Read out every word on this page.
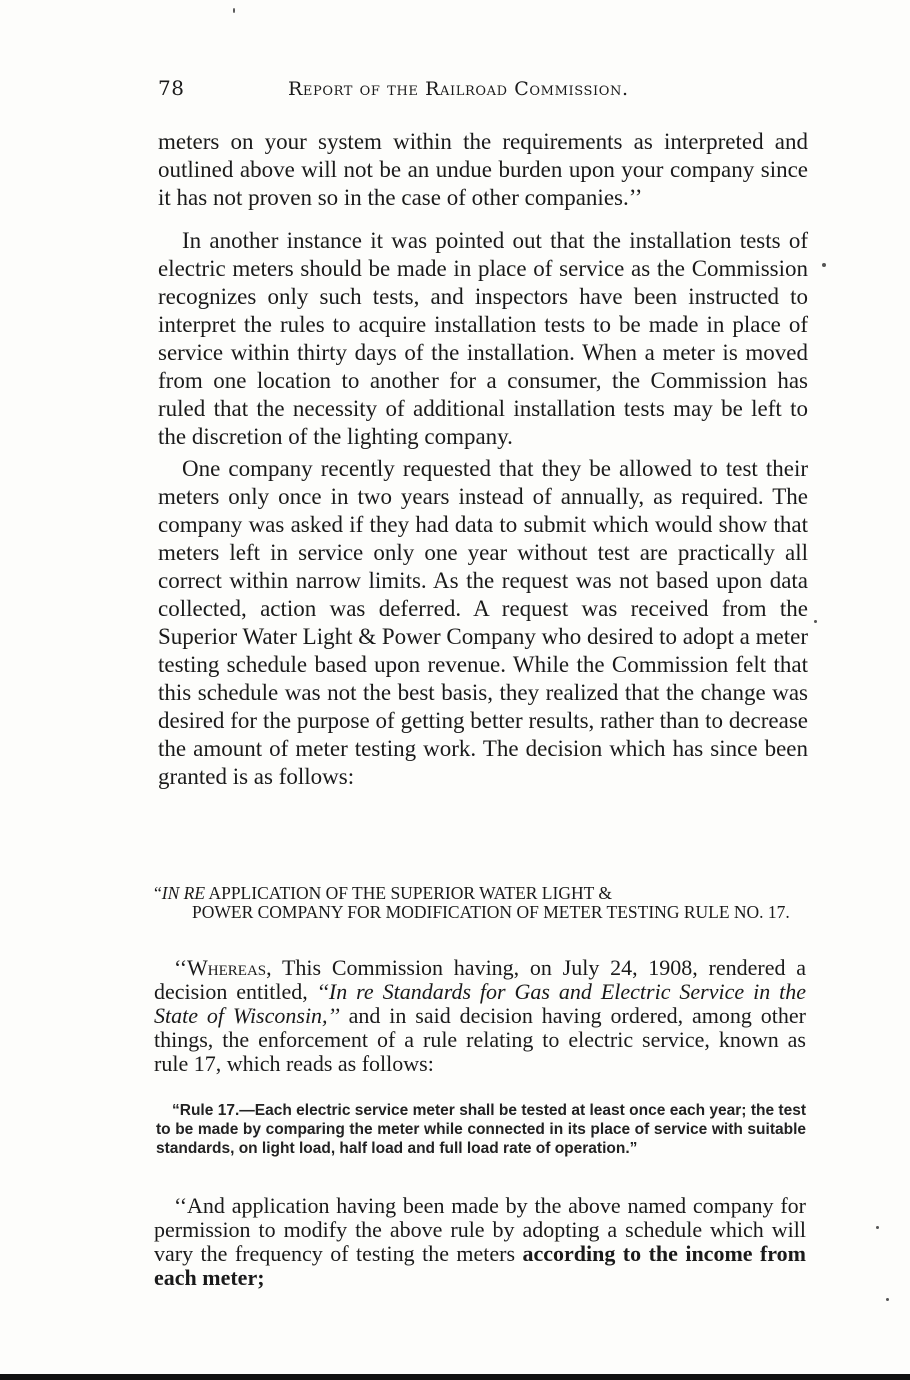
78	Report of the Railroad Commission.

meters on your system within the requirements as interpreted and outlined above will not be an undue burden upon your company since it has not proven so in the case of other companies.’’

In another instance it was pointed out that the installation tests of electric meters should be made in place of service as the Commission recognizes only such tests, and inspectors have been instructed to interpret the rules to acquire installation tests to be made in place of service within thirty days of the installation. When a meter is moved from one location to another for a consumer, the Commission has ruled that the necessity of additional installation tests may be left to the discretion of the lighting company.

One company recently requested that they be allowed to test their meters only once in two years instead of annually, as required. The company was asked if they had data to submit which would show that meters left in service only one year without test are practically all correct within narrow limits. As the request was not based upon data collected, action was deferred. A request was received from the Superior Water Light & Power Company who desired to adopt a meter testing schedule based upon revenue. While the Commission felt that this schedule was not the best basis, they realized that the change was desired for the purpose of getting better results, rather than to decrease the amount of meter testing work. The decision which has since been granted is as follows:

“IN RE APPLICATION OF THE SUPERIOR WATER LIGHT &
POWER COMPANY FOR MODIFICATION OF METER TESTING RULE NO. 17.

‘‘Whereas, This Commission having, on July 24, 1908, rendered a decision entitled, ‘‘In re Standards for Gas and Electric Service in the State of Wisconsin,’’ and in said decision having ordered, among other things, the enforcement of a rule relating to electric service, known as rule 17, which reads as follows:

“Rule 17.—Each electric service meter shall be tested at least once each year; the test to be made by comparing the meter while connected in its place of service with suitable standards, on light load, half load and full load rate of operation.”

‘‘And application having been made by the above named company for permission to modify the above rule by adopting a schedule which will vary the frequency of testing the meters according to the income from each meter;
